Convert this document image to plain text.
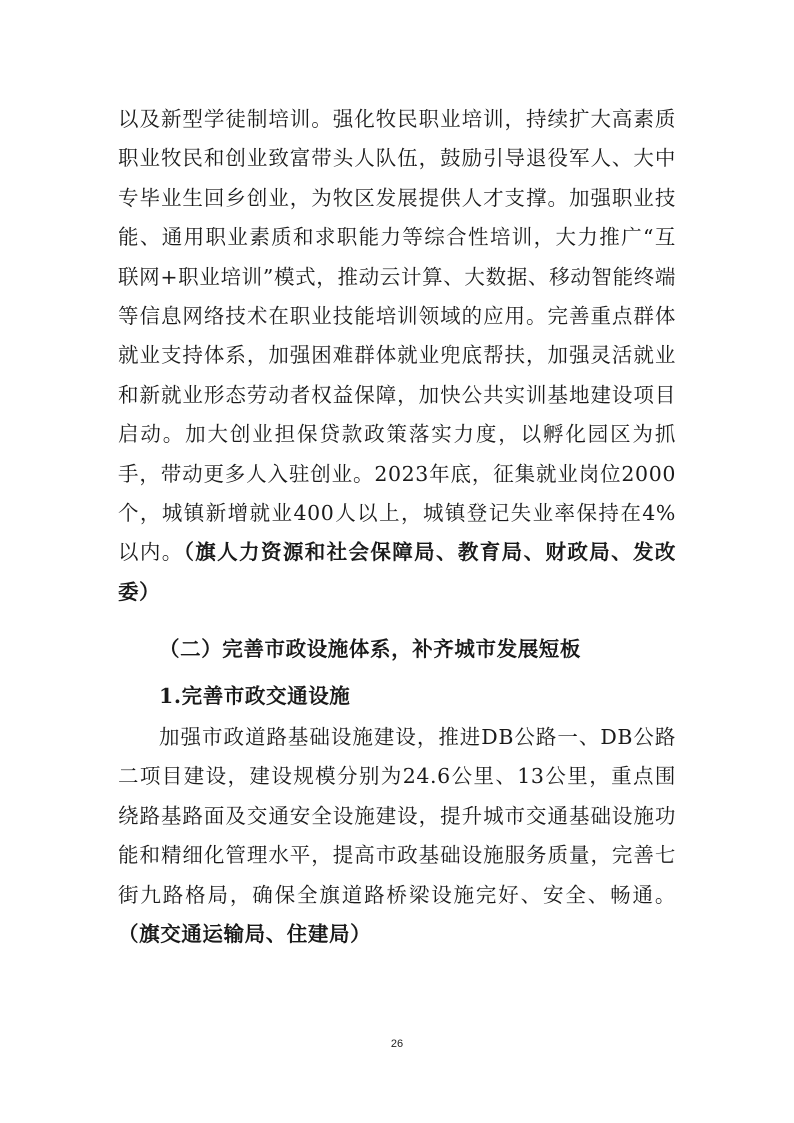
以及新型学徒制培训。强化牧民职业培训，持续扩大高素质职业牧民和创业致富带头人队伍，鼓励引导退役军人、大中专毕业生回乡创业，为牧区发展提供人才支撑。加强职业技能、通用职业素质和求职能力等综合性培训，大力推广“互联网+职业培训”模式，推动云计算、大数据、移动智能终端等信息网络技术在职业技能培训领域的应用。完善重点群体就业支持体系，加强困难群体就业兜底帮扶，加强灵活就业和新就业形态劳动者权益保障，加快公共实训基地建设项目启动。加大创业担保贷款政策落实力度，以孵化园区为抓手，带动更多人入驻创业。2023年底，征集就业岗位2000个，城镇新增就业400人以上，城镇登记失业率保持在4%以内。（旗人力资源和社会保障局、教育局、财政局、发改委）

（二）完善市政设施体系，补齐城市发展短板
1.完善市政交通设施

加强市政道路基础设施建设，推进DB公路一、DB公路二项目建设，建设规模分别为24.6公里、13公里，重点围绕路基路面及交通安全设施建设，提升城市交通基础设施功能和精细化管理水平，提高市政基础设施服务质量，完善七街九路格局，确保全旗道路桥梁设施完好、安全、畅通。（旗交通运输局、住建局）

26
